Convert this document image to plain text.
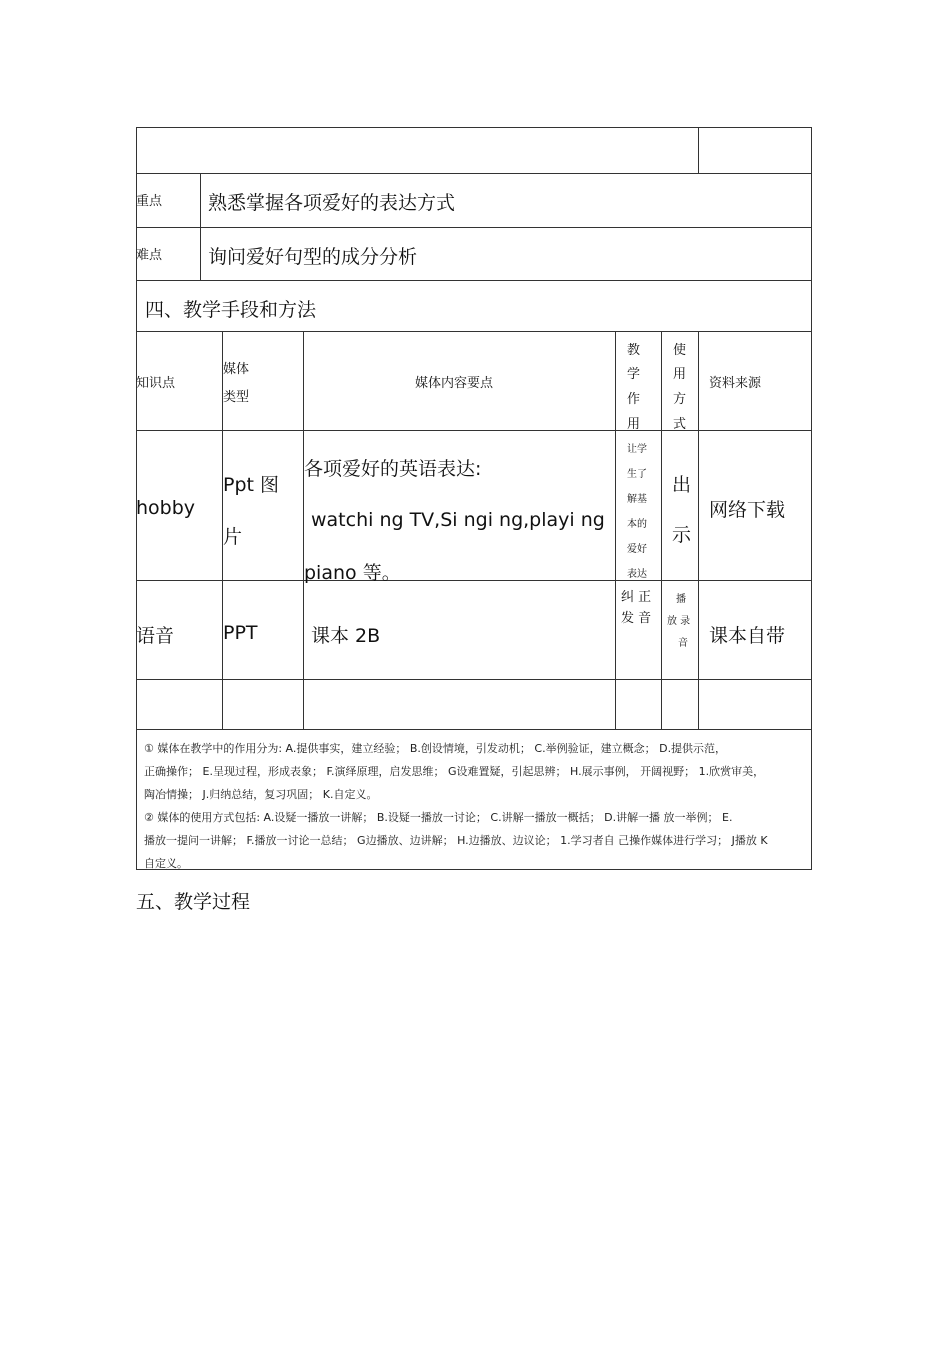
重点 熟悉掌握各项爱好的表达方式
难点 询问爱好句型的成分分析
四、教学手段和方法
知识点
媒体
类型
媒体内容要点
教
学
作
用
使
用
方
式
资料来源
hobby
Ppt 图
片
各项爱好的英语表达:
watchi ng TV,Si ngi ng,playi ng
piano 等。
让学
生了
解基
本的
爱好
表达
出
示
网络下载
语音	PPT	课本 2B
纠 正
发 音
播
放 录
音 课本自带
① 媒体在教学中的作用分为: A.提供事实，建立经验； B.创设情境，引发动机； C.举例验证，建立概念； D.提供示范，
正确操作； E.呈现过程，形成表象； F.演绎原理，启发思维； G设难置疑，引起思辨； H.展示事例， 开阔视野； 1.欣赏审美，
陶冶情操； J.归纳总结，复习巩固； K.自定义。
② 媒体的使用方式包括: A.设疑一播放一讲解； B.设疑一播放一讨论； C.讲解一播放一概括； D.讲解一播 放一举例； E.
播放一提问一讲解； F.播放一讨论一总结； G边播放、边讲解； H.边播放、边议论； 1.学习者自 己操作媒体进行学习； J播放 K
自定义。
五、教学过程
